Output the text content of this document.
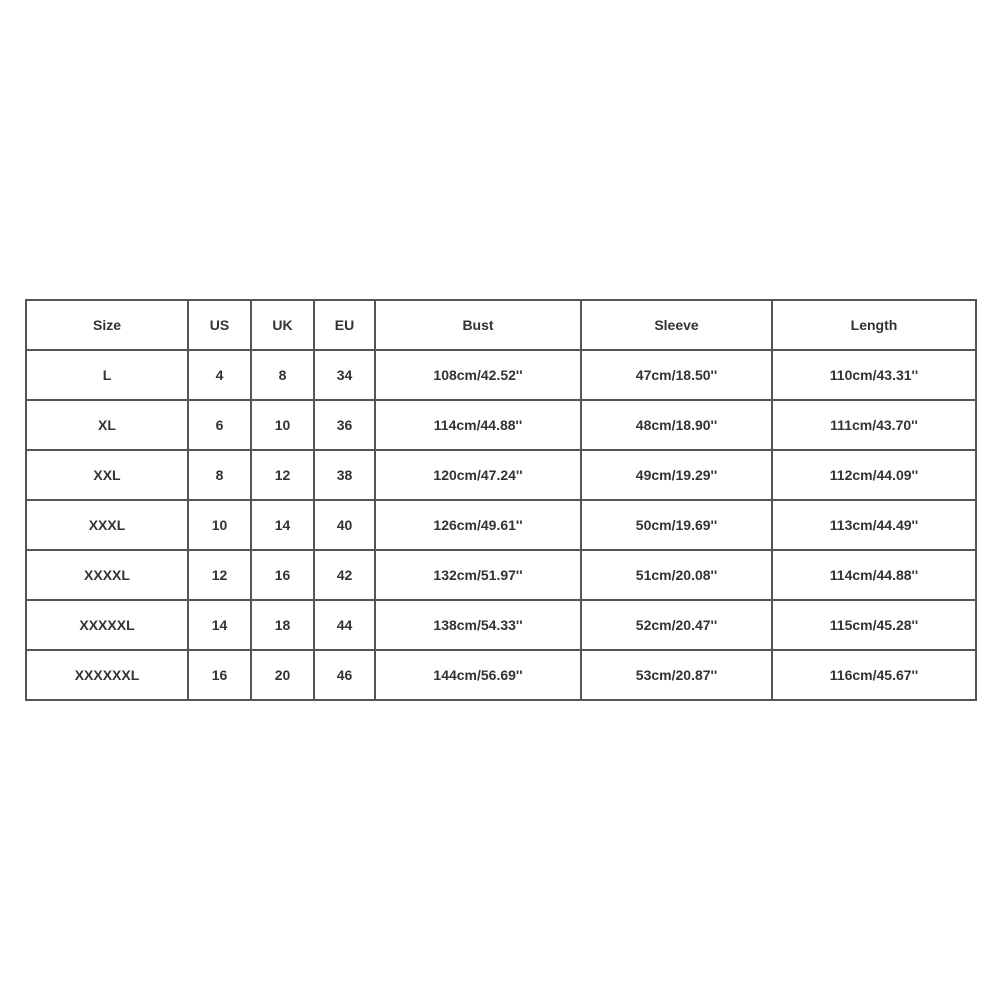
Size	US	UK	EU	Bust	Sleeve	Length
L	4	8	34	108cm/42.52''	47cm/18.50''	110cm/43.31''
XL	6	10	36	114cm/44.88''	48cm/18.90''	111cm/43.70''
XXL	8	12	38	120cm/47.24''	49cm/19.29''	112cm/44.09''
XXXL	10	14	40	126cm/49.61''	50cm/19.69''	113cm/44.49''
XXXXL	12	16	42	132cm/51.97''	51cm/20.08''	114cm/44.88''
XXXXXL	14	18	44	138cm/54.33''	52cm/20.47''	115cm/45.28''
XXXXXXL	16	20	46	144cm/56.69''	53cm/20.87''	116cm/45.67''
